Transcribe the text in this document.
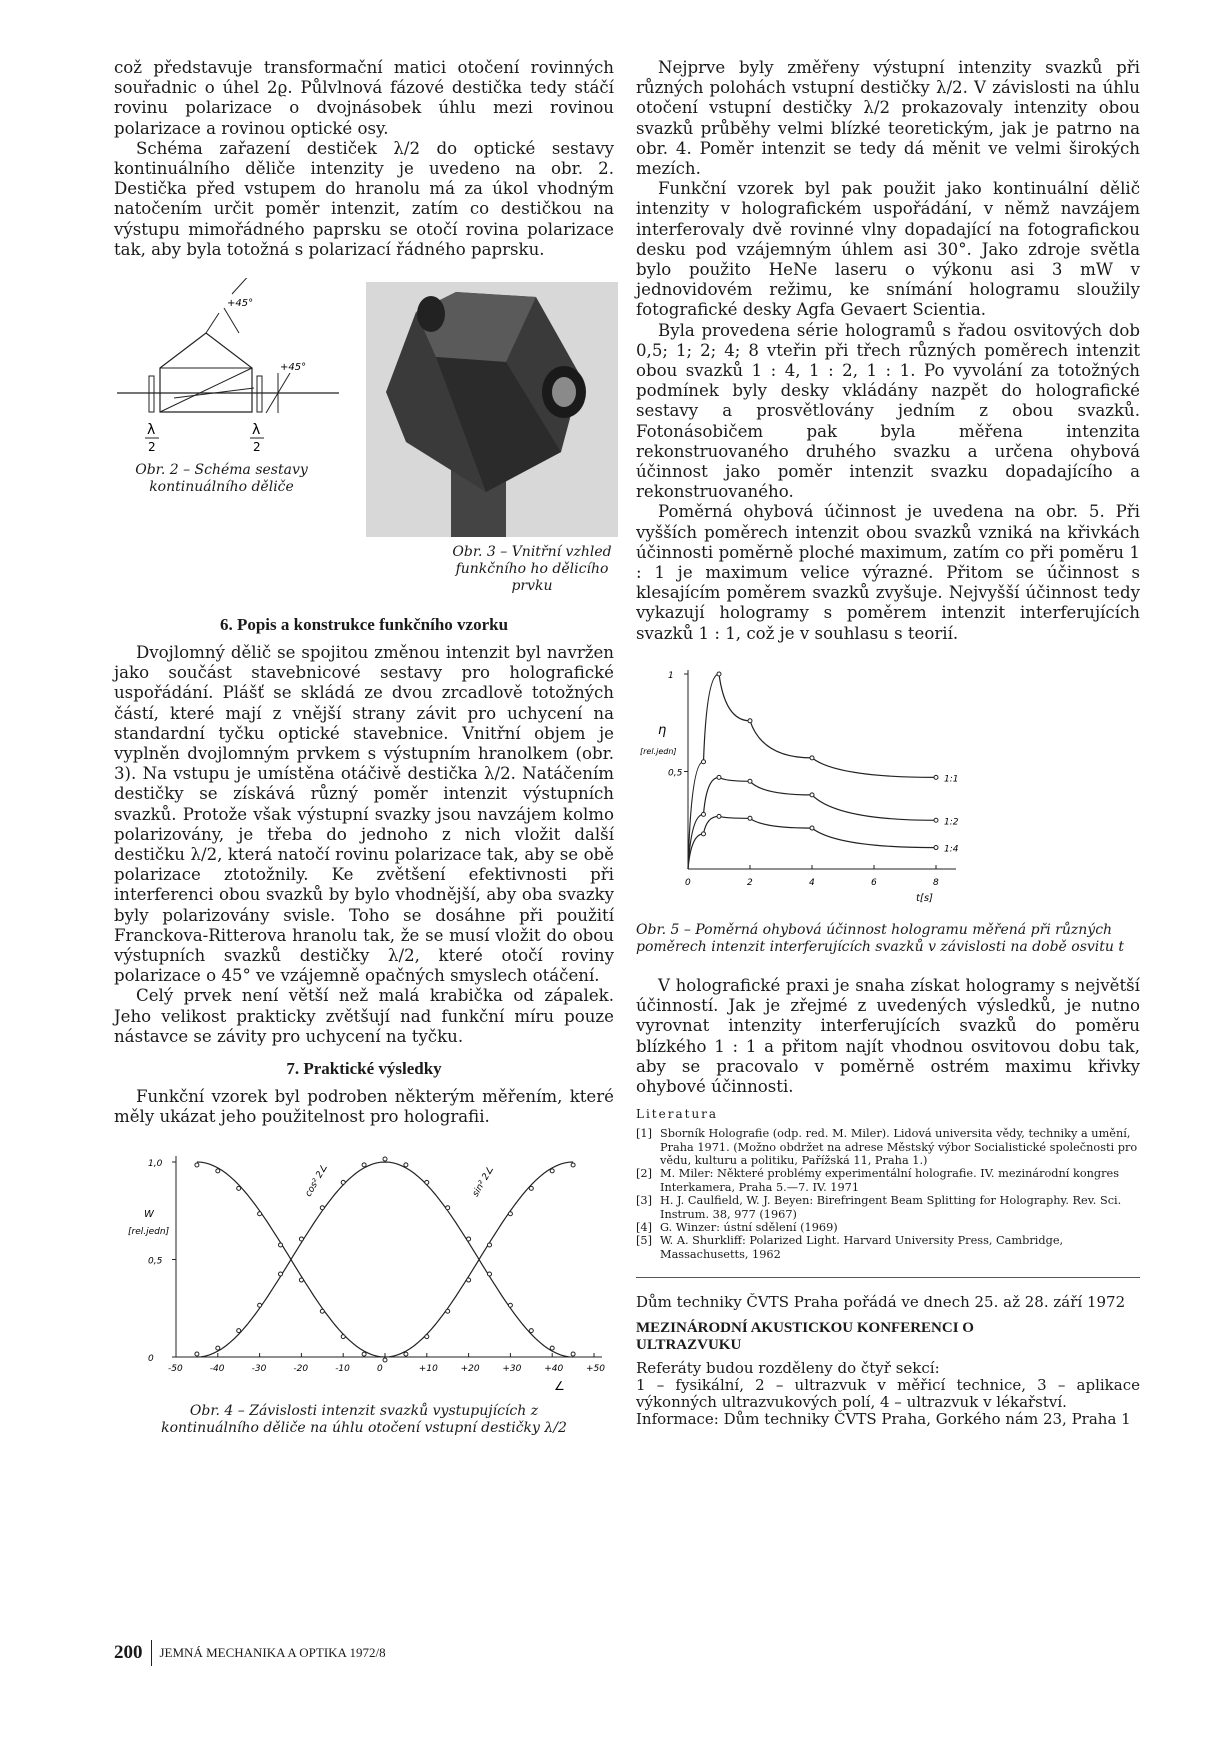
což představuje transformační matici otočení rovinných souřadnic o úhel 2ϱ. Půlvlnová fázové destička tedy stáčí rovinu polarizace o dvojnásobek úhlu mezi rovinou polarizace a rovinou optické osy.

Schéma zařazení destiček λ/2 do optické sestavy kontinuálního děliče intenzity je uvedeno na obr. 2. Destička před vstupem do hranolu má za úkol vhodným natočením určit poměr intenzit, zatím co destičkou na výstupu mimořádného paprsku se otočí rovina polarizace tak, aby byla totožná s polarizací řádného paprsku.

+45°
+45°
λ
2
λ
2
Obr. 2 – Schéma sestavy kontinuálního děliče
Obr. 3 – Vnitřní vzhled funkčního ho dělicího prvku
6. Popis a konstrukce funkčního vzorku

Dvojlomný dělič se spojitou změnou intenzit byl navržen jako součást stavebnicové sestavy pro holografické uspořádání. Plášť se skládá ze dvou zrcadlově totožných částí, které mají z vnější strany závit pro uchycení na standardní tyčku optické stavebnice. Vnitřní objem je vyplněn dvojlomným prvkem s výstupním hranolkem (obr. 3). Na vstupu je umístěna otáčivě destička λ/2. Natáčením destičky se získává různý poměr intenzit výstupních svazků. Protože však výstupní svazky jsou navzájem kolmo polarizovány, je třeba do jednoho z nich vložit další destičku λ/2, která natočí rovinu polarizace tak, aby se obě polarizace ztotožnily. Ke zvětšení efektivnosti při interferenci obou svazků by bylo vhodnější, aby oba svazky byly polarizovány svisle. Toho se dosáhne při použití Franckova-Ritterova hranolu tak, že se musí vložit do obou výstupních svazků destičky λ/2, které otočí roviny polarizace o 45° ve vzájemně opačných smyslech otáčení.

Celý prvek není větší než malá krabička od zápalek. Jeho velikost prakticky zvětšují nad funkční míru pouze nástavce se závity pro uchycení na tyčku.

7. Praktické výsledky

Funkční vzorek byl podroben některým měřením, které měly ukázat jeho použitelnost pro holografii.

-50	-40	-30	-20	-10	0	+10	+20	+30	+40	+50
0
0,5
1,0
W
[rel.jedn]
∠
cos² 2∠	sin² 2∠
Obr. 4 – Závislosti intenzit svazků vystupujících z kontinuálního děliče na úhlu otočení vstupní destičky λ/2

Nejprve byly změřeny výstupní intenzity svazků při různých polohách vstupní destičky λ/2. V závislosti na úhlu otočení vstupní destičky λ/2 prokazovaly intenzity obou svazků průběhy velmi blízké teoretickým, jak je patrno na obr. 4. Poměr intenzit se tedy dá měnit ve velmi širokých mezích.

Funkční vzorek byl pak použit jako kontinuální dělič intenzity v holografickém uspořádání, v němž navzájem interferovaly dvě rovinné vlny dopadající na fotografickou desku pod vzájemným úhlem asi 30°. Jako zdroje světla bylo použito HeNe laseru o výkonu asi 3 mW v jednovidovém režimu, ke snímání hologramu sloužily fotografické desky Agfa Gevaert Scientia.

Byla provedena série hologramů s řadou osvitových dob 0,5; 1; 2; 4; 8 vteřin při třech různých poměrech intenzit obou svazků 1 : 4, 1 : 2, 1 : 1. Po vyvolání za totožných podmínek byly desky vkládány nazpět do holografické sestavy a prosvětlovány jedním z obou svazků. Fotonásobičem pak byla měřena intenzita rekonstruovaného druhého svazku a určena ohybová účinnost jako poměr intenzit svazku dopadajícího a rekonstruovaného.

Poměrná ohybová účinnost je uvedena na obr. 5. Při vyšších poměrech intenzit obou svazků vzniká na křivkách účinnosti poměrně ploché maximum, zatím co při poměru 1 : 1 je maximum velice výrazné. Přitom se účinnost s klesajícím poměrem svazků zvyšuje. Nejvyšší účinnost tedy vykazují hologramy s poměrem intenzit interferujících svazků 1 : 1, což je v souhlasu s teorií.

0	2	4	6	8
0,5
1
η
[rel.jedn]
t[s]
1:1
1:2
1:4
Obr. 5 – Poměrná ohybová účinnost hologramu měřená při různých poměrech intenzit interferujících svazků v závislosti na době osvitu t

V holografické praxi je snaha získat hologramy s největší účinností. Jak je zřejmé z uvedených výsledků, je nutno vyrovnat intenzity interferujících svazků do poměru blízkého 1 : 1 a přitom najít vhodnou osvitovou dobu tak, aby se pracovalo v poměrně ostrém maximu křivky ohybové účinnosti.

Literatura
[1] Sborník Holografie (odp. red. M. Miler). Lidová universita vědy, techniky a umění, Praha 1971. (Možno obdržet na adrese Městský výbor Socialistické společnosti pro vědu, kulturu a politiku, Pařížská 11, Praha 1.)
[2] M. Miler: Některé problémy experimentální holografie. IV. mezinárodní kongres Interkamera, Praha 5.—7. IV. 1971
[3] H. J. Caulfield, W. J. Beyen: Birefringent Beam Splitting for Holography. Rev. Sci. Instrum. 38, 977 (1967)
[4] G. Winzer: ústní sdělení (1969)
[5] W. A. Shurkliff: Polarized Light. Harvard University Press, Cambridge, Massachusetts, 1962

Dům techniky ČVTS Praha pořádá ve dnech 25. až 28. září 1972

MEZINÁRODNÍ AKUSTICKOU KONFERENCI O ULTRAZVUKU

Referáty budou rozděleny do čtyř sekcí:

1 – fysikální, 2 – ultrazvuk v měřicí technice, 3 – aplikace výkonných ultrazvukových polí, 4 – ultrazvuk v lékařství.

Informace: Dům techniky ČVTS Praha, Gorkého nám 23, Praha 1

200 JEMNÁ MECHANIKA A OPTIKA 1972/8
